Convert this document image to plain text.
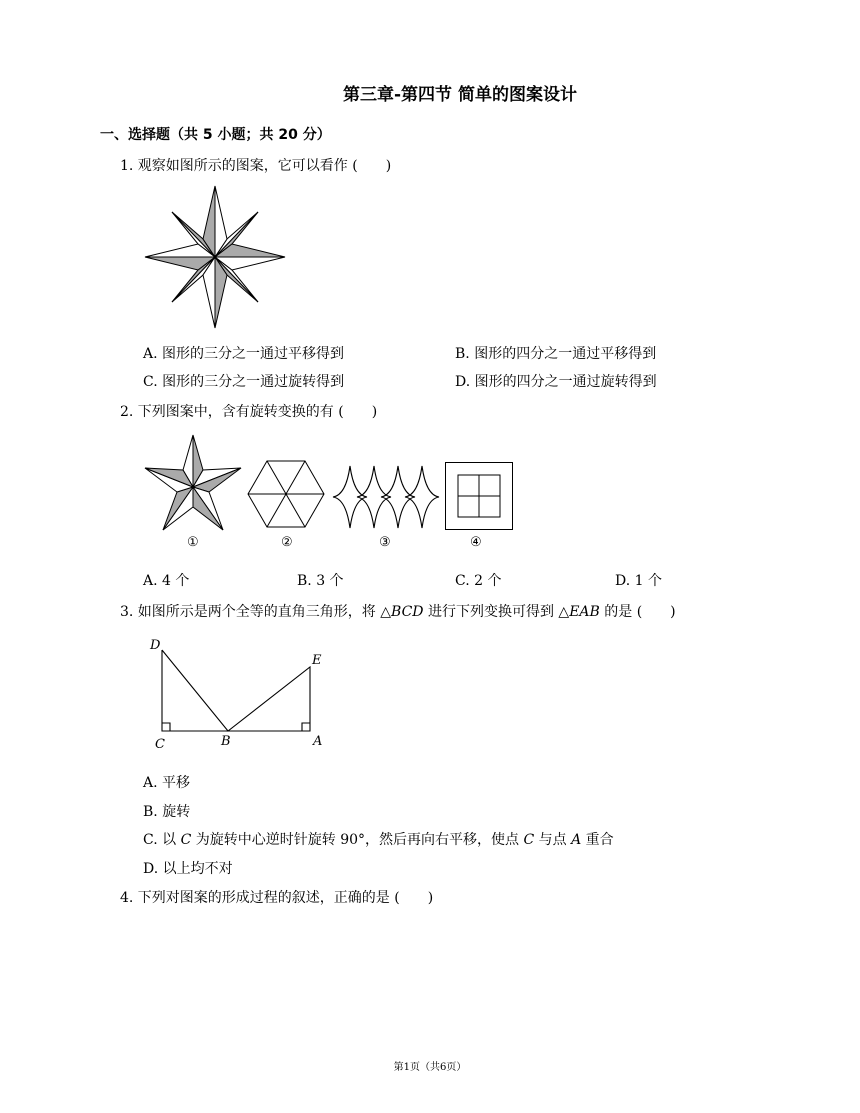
第三章-第四节 简单的图案设计
一、选择题（共 5 小题；共 20 分）
1. 观察如图所示的图案，它可以看作 (　　)
A. 图形的三分之一通过平移得到	B. 图形的四分之一通过平移得到
C. 图形的三分之一通过旋转得到	D. 图形的四分之一通过旋转得到
2. 下列图案中，含有旋转变换的有 (　　)
①	②	③	④
A. 4 个	B. 3 个	C. 2 个	D. 1 个
3. 如图所示是两个全等的直角三角形，将 △BCD 进行下列变换可得到 △EAB 的是 (　　)
D
E
C	B	A
A. 平移
B. 旋转
C. 以 C 为旋转中心逆时针旋转 90°，然后再向右平移，使点 C 与点 A 重合
D. 以上均不对
4. 下列对图案的形成过程的叙述，正确的是 (　　)
第1页（共6页）
